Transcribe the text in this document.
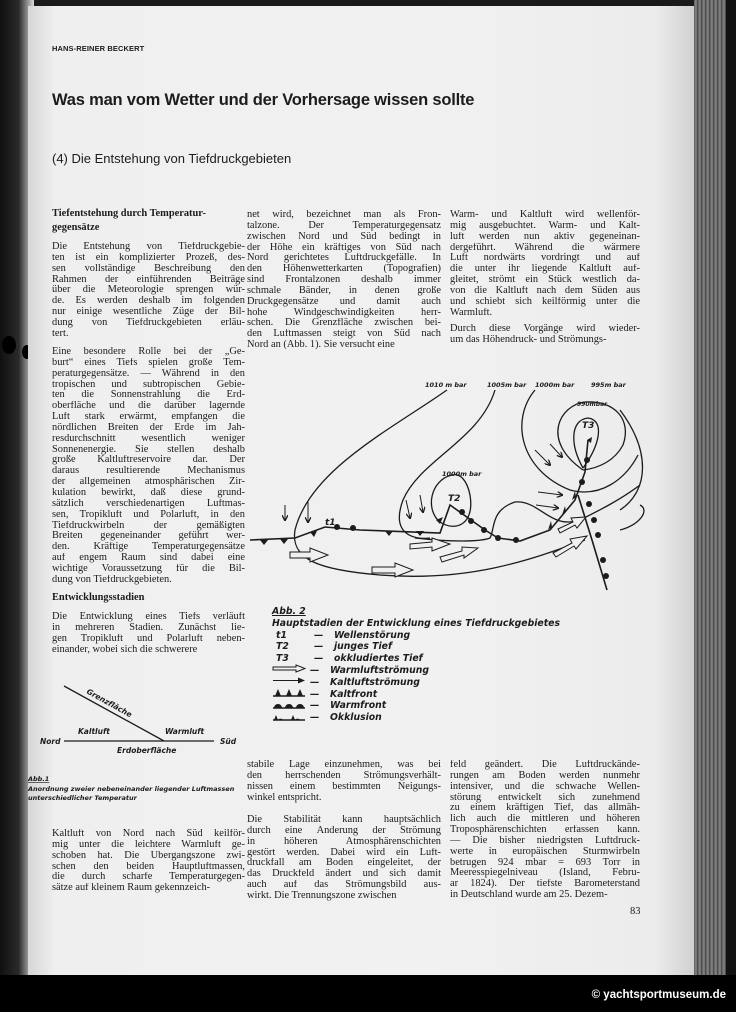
HANS-REINER BECKERT
Was man vom Wetter und der Vorhersage wissen sollte
(4) Die Entstehung von Tiefdruckgebieten
Tiefentstehung durch Temperatur-
gegensätze
Die Entstehung von Tiefdruckgebie-
ten ist ein komplizierter Prozeß, des-
sen vollständige Beschreibung den
Rahmen der einführenden Beiträge
über die Meteorologie sprengen wür-
de. Es werden deshalb im folgenden
nur einige wesentliche Züge der Bil-
dung von Tiefdruckgebieten erläu-
tert.
Eine besondere Rolle bei der „Ge-
burt“ eines Tiefs spielen große Tem-
peraturgegensätze. — Während in den
tropischen und subtropischen Gebie-
ten die Sonnenstrahlung die Erd-
oberfläche und die darüber lagernde
Luft stark erwärmt, empfangen die
nördlichen Breiten der Erde im Jah-
resdurchschnitt wesentlich weniger
Sonnenenergie. Sie stellen deshalb
große Kaltluftreservoire dar. Der
daraus resultierende Mechanismus
der allgemeinen atmosphärischen Zir-
kulation bewirkt, daß diese grund-
sätzlich verschiedenartigen Luftmas-
sen, Tropikluft und Polarluft, in den
Tiefdruckwirbeln der gemäßigten
Breiten gegeneinander geführt wer-
den. Kräftige Temperaturgegensätze
auf engem Raum sind dabei eine
wichtige Voraussetzung für die Bil-
dung von Tiefdruckgebieten.
Entwicklungsstadien
Die Entwicklung eines Tiefs verläuft
in mehreren Stadien. Zunächst lie-
gen Tropikluft und Polarluft neben-
einander, wobei sich die schwerere
Kaltluft von Nord nach Süd keilför-
mig unter die leichtere Warmluft ge-
schoben hat. Die Übergangszone zwi-
schen den beiden Hauptluftmassen,
die durch scharfe Temperaturgegen-
sätze auf kleinem Raum gekennzeich-
Grenzfläche
Kaltluft	Warmluft
Nord	Süd
Erdoberfläche
Abb.1
Anordnung zweier nebeneinander liegender Luftmassen
unterschiedlicher Temperatur
net wird, bezeichnet man als Fron-
talzone. Der Temperaturgegensatz
zwischen Nord und Süd bedingt in
der Höhe ein kräftiges von Süd nach
Nord gerichtetes Luftdruckgefälle. In
den Höhenwetterkarten (Topografien)
sind Frontalzonen deshalb immer
schmale Bänder, in denen große
Druckgegensätze und damit auch
hohe Windgeschwindigkeiten herr-
schen. Die Grenzfläche zwischen bei-
den Luftmassen steigt von Süd nach
Nord an (Abb. 1). Sie versucht eine
stabile Lage einzunehmen, was bei
den herrschenden Strömungsverhält-
nissen einem bestimmten Neigungs-
winkel entspricht.
Die Stabilität kann hauptsächlich
durch eine Änderung der Strömung
in höheren Atmosphärenschichten
gestört werden. Dabei wird ein Luft-
druckfall am Boden eingeleitet, der
das Druckfeld ändert und sich damit
auch auf das Strömungsbild aus-
wirkt. Die Trennungszone zwischen
Warm- und Kaltluft wird wellenför-
mig ausgebuchtet. Warm- und Kalt-
luft werden nun aktiv gegeneinan-
dergeführt. Während die wärmere
Luft nordwärts vordringt und auf
die unter ihr liegende Kaltluft auf-
gleitet, strömt ein Stück westlich da-
von die Kaltluft nach dem Süden aus
und schiebt sich keilförmig unter die
Warmluft.
Durch diese Vorgänge wird wieder-
um das Höhendruck- und Strömungs-
feld geändert. Die Luftdruckände-
rungen am Boden werden nunmehr
intensiver, und die schwache Wellen-
störung entwickelt sich zunehmend
zu einem kräftigen Tief, das allmäh-
lich auch die mittleren und höheren
Troposphärenschichten erfassen kann.
— Die bisher niedrigsten Luftdruck-
werte in europäischen Sturmwirbeln
betrugen 924 mbar = 693 Torr in
Meeresspiegelniveau (Island, Febru-
ar 1824). Der tiefste Barometerstand
in Deutschland wurde am 25. Dezem-
1010 m bar	1005m bar 1000m bar	995m bar
990mbar
1000m bar
t1
T2
T3
Abb. 2
Hauptstadien der Entwicklung eines Tiefdruckgebietes
t1	—	Wellenstörung
T2	—	junges Tief
T3	—	okkludiertes Tief
—	Warmluftströmung
—	Kaltluftströmung
—	Kaltfront
—	Warmfront
—	Okklusion
83
© yachtsportmuseum.de
